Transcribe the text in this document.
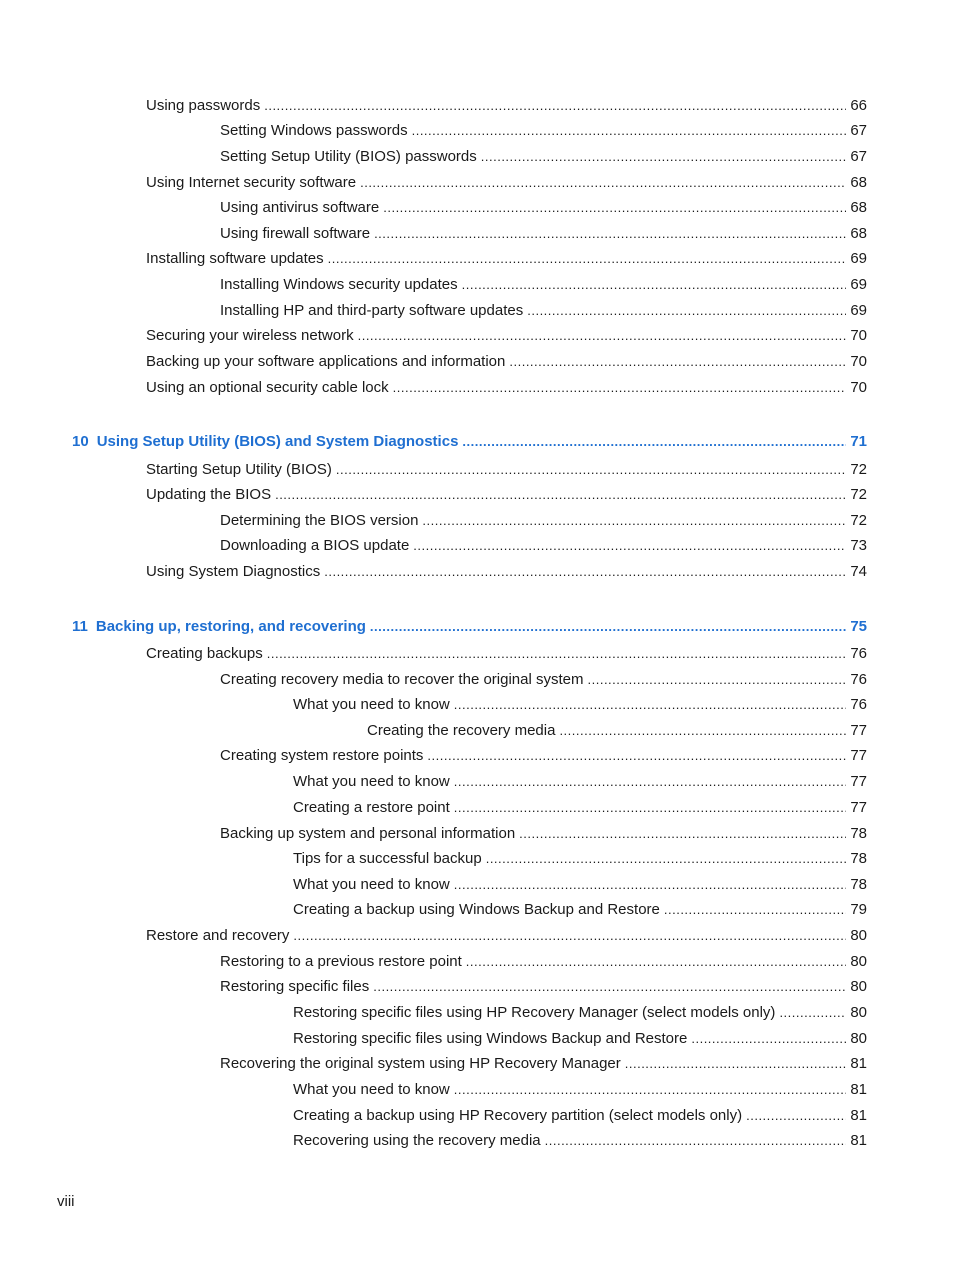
Using passwords .....	66
Setting Windows passwords .....	67
Setting Setup Utility (BIOS) passwords .....	67
Using Internet security software .....	68
Using antivirus software .....	68
Using firewall software .....	68
Installing software updates .....	69
Installing Windows security updates .....	69
Installing HP and third-party software updates .....	69
Securing your wireless network .....	70
Backing up your software applications and information .....	70
Using an optional security cable lock .....	70
10 Using Setup Utility (BIOS) and System Diagnostics .....	71
Starting Setup Utility (BIOS) .....	72
Updating the BIOS .....	72
Determining the BIOS version .....	72
Downloading a BIOS update .....	73
Using System Diagnostics .....	74
11 Backing up, restoring, and recovering .....	75
Creating backups .....	76
Creating recovery media to recover the original system .....	76
What you need to know .....	76
Creating the recovery media .....	77
Creating system restore points .....	77
What you need to know .....	77
Creating a restore point .....	77
Backing up system and personal information .....	78
Tips for a successful backup .....	78
What you need to know .....	78
Creating a backup using Windows Backup and Restore .....	79
Restore and recovery .....	80
Restoring to a previous restore point .....	80
Restoring specific files .....	80
Restoring specific files using HP Recovery Manager (select models only) .....	80
Restoring specific files using Windows Backup and Restore .....	80
Recovering the original system using HP Recovery Manager .....	81
What you need to know .....	81
Creating a backup using HP Recovery partition (select models only) .....	81
Recovering using the recovery media .....	81
viii
